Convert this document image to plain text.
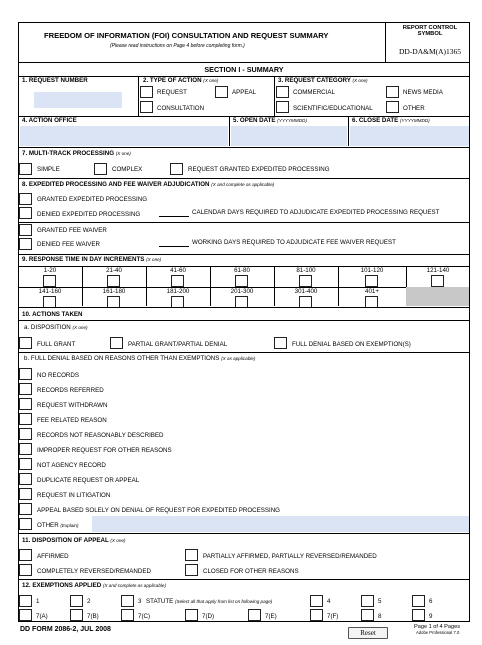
FREEDOM OF INFORMATION (FOI) CONSULTATION AND REQUEST SUMMARY
(Please read instructions on Page 4 before completing form.)
REPORT CONTROL SYMBOL
DD-DA&M(A)1365
SECTION I - SUMMARY
1. REQUEST NUMBER	2. TYPE OF ACTION (X one)
REQUEST	APPEAL
CONSULTATION
3. REQUEST CATEGORY (X one)
COMMERCIAL	NEWS MEDIA
SCIENTIFIC/EDUCATIONAL	OTHER
4. ACTION OFFICE	5. OPEN DATE (YYYYMMDD)	6. CLOSE DATE (YYYYMMDD)
7. MULTI-TRACK PROCESSING (X one)
SIMPLE	COMPLEX	REQUEST GRANTED EXPEDITED PROCESSING
8. EXPEDITED PROCESSING AND FEE WAIVER ADJUDICATION (X and complete as applicable)
GRANTED EXPEDITED PROCESSING
DENIED EXPEDITED PROCESSING	CALENDAR DAYS REQUIRED TO ADJUDICATE EXPEDITED PROCESSING REQUEST
GRANTED FEE WAIVER
DENIED FEE WAIVER	WORKING DAYS REQUIRED TO ADJUDICATE FEE WAIVER REQUEST
9. RESPONSE TIME IN DAY INCREMENTS (X one)
1-20	21-40	41-60	61-80	81-100	101-120	121-140
141-160	161-180	181-200	201-300	301-400	401+
10. ACTIONS TAKEN
a. DISPOSITION (X one)
FULL GRANT	PARTIAL GRANT/PARTIAL DENIAL	FULL DENIAL BASED ON EXEMPTION(S)
b. FULL DENIAL BASED ON REASONS OTHER THAN EXEMPTIONS (X as applicable)
NO RECORDS
RECORDS REFERRED
REQUEST WITHDRAWN
FEE RELATED REASON
RECORDS NOT REASONABLY DESCRIBED
IMPROPER REQUEST FOR OTHER REASONS
NOT AGENCY RECORD
DUPLICATE REQUEST OR APPEAL
REQUEST IN LITIGATION
APPEAL BASED SOLELY ON DENIAL OF REQUEST FOR EXPEDITED PROCESSING
OTHER (Explain)
11. DISPOSITION OF APPEAL (X one)
AFFIRMED	PARTIALLY AFFIRMED, PARTIALLY REVERSED/REMANDED
COMPLETELY REVERSED/REMANDED	CLOSED FOR OTHER REASONS
12. EXEMPTIONS APPLIED (X and complete as applicable)
1	2	3	4	5	6
STATUTE (Select all that apply from list on following page)
7(A)	7(B)	7(C)	7(D)	7(E)	7(F)	8	9
DD FORM 2086-2, JUL 2008	Reset
Page 1 of 4 Pages
Adobe Professional 7.0
